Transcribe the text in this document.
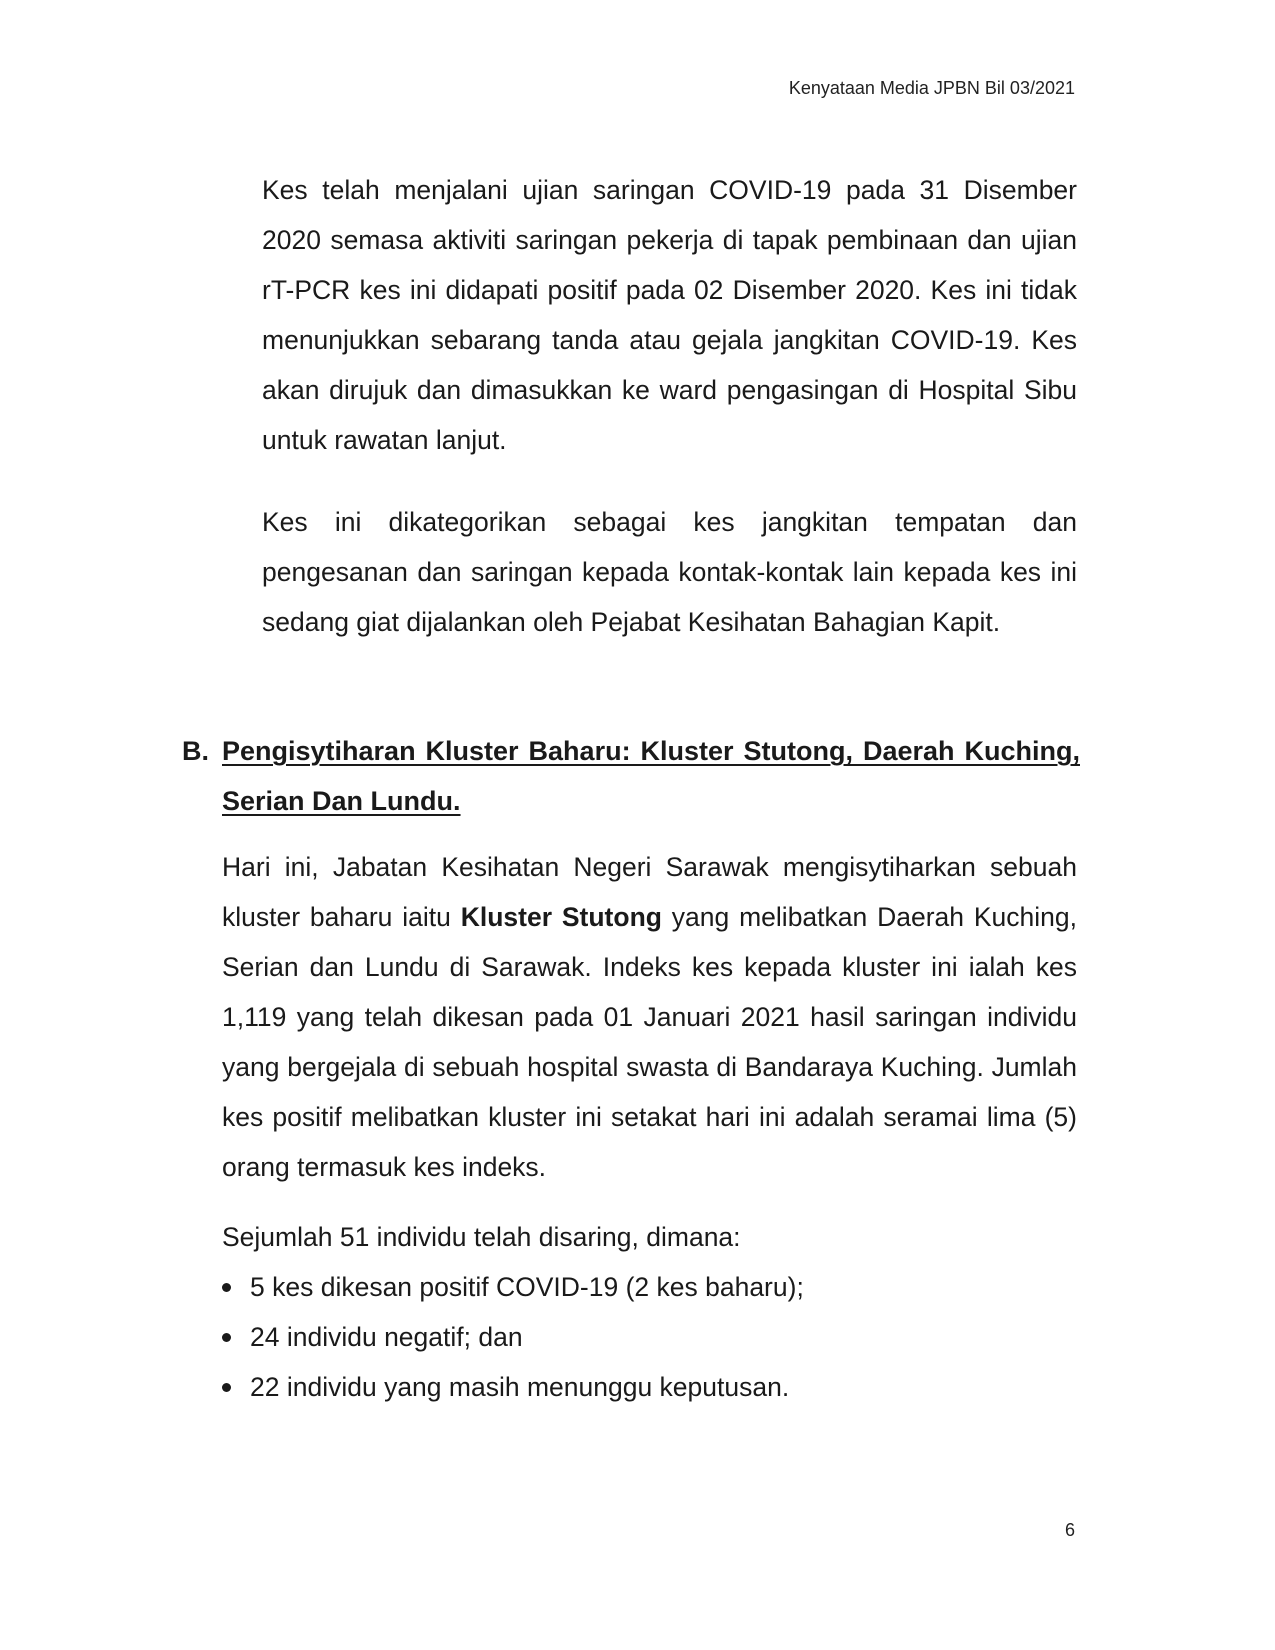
Kenyataan Media JPBN Bil 03/2021

Kes telah menjalani ujian saringan COVID-19 pada 31 Disember 2020 semasa aktiviti saringan pekerja di tapak pembinaan dan ujian rT-PCR kes ini didapati positif pada 02 Disember 2020. Kes ini tidak menunjukkan sebarang tanda atau gejala jangkitan COVID-19. Kes akan dirujuk dan dimasukkan ke ward pengasingan di Hospital Sibu untuk rawatan lanjut.

Kes ini dikategorikan sebagai kes jangkitan tempatan dan pengesanan dan saringan kepada kontak-kontak lain kepada kes ini sedang giat dijalankan oleh Pejabat Kesihatan Bahagian Kapit.

B. Pengisytiharan Kluster Baharu: Kluster Stutong, Daerah Kuching, Serian Dan Lundu.

Hari ini, Jabatan Kesihatan Negeri Sarawak mengisytiharkan sebuah kluster baharu iaitu Kluster Stutong yang melibatkan Daerah Kuching, Serian dan Lundu di Sarawak. Indeks kes kepada kluster ini ialah kes 1,119 yang telah dikesan pada 01 Januari 2021 hasil saringan individu yang bergejala di sebuah hospital swasta di Bandaraya Kuching. Jumlah kes positif melibatkan kluster ini setakat hari ini adalah seramai lima (5) orang termasuk kes indeks.

Sejumlah 51 individu telah disaring, dimana:

5 kes dikesan positif COVID-19 (2 kes baharu);
24 individu negatif; dan
22 individu yang masih menunggu keputusan.
6
